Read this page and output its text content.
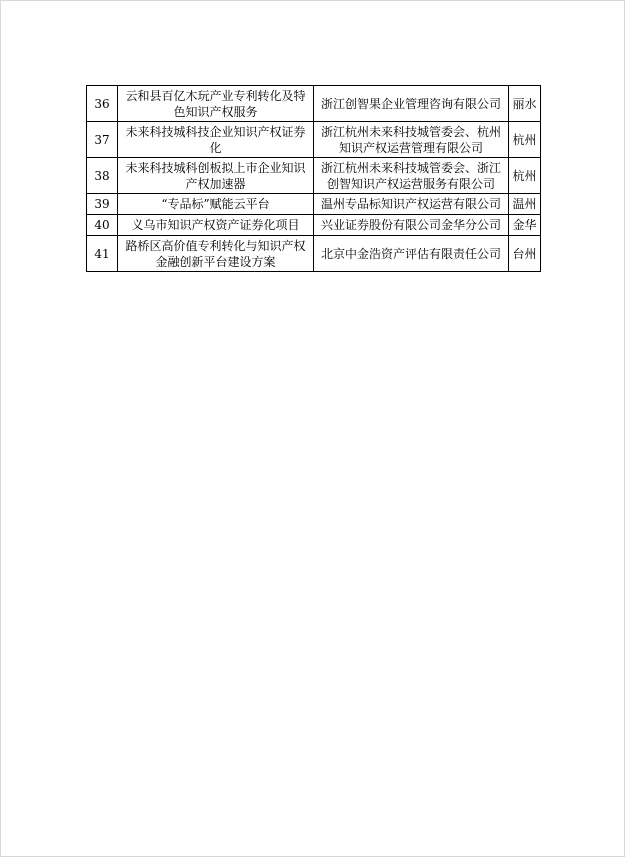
36	云和县百亿木玩产业专利转化及特色知识产权服务	浙江创智果企业管理咨询有限公司	丽水
37	未来科技城科技企业知识产权证券化	浙江杭州未来科技城管委会、杭州知识产权运营管理有限公司	杭州
38	未来科技城科创板拟上市企业知识产权加速器	浙江杭州未来科技城管委会、浙江创智知识产权运营服务有限公司	杭州
39	“专品标”赋能云平台	温州专品标知识产权运营有限公司	温州
40	义乌市知识产权资产证券化项目	兴业证券股份有限公司金华分公司	金华
41	路桥区高价值专利转化与知识产权金融创新平台建设方案	北京中金浩资产评估有限责任公司	台州
